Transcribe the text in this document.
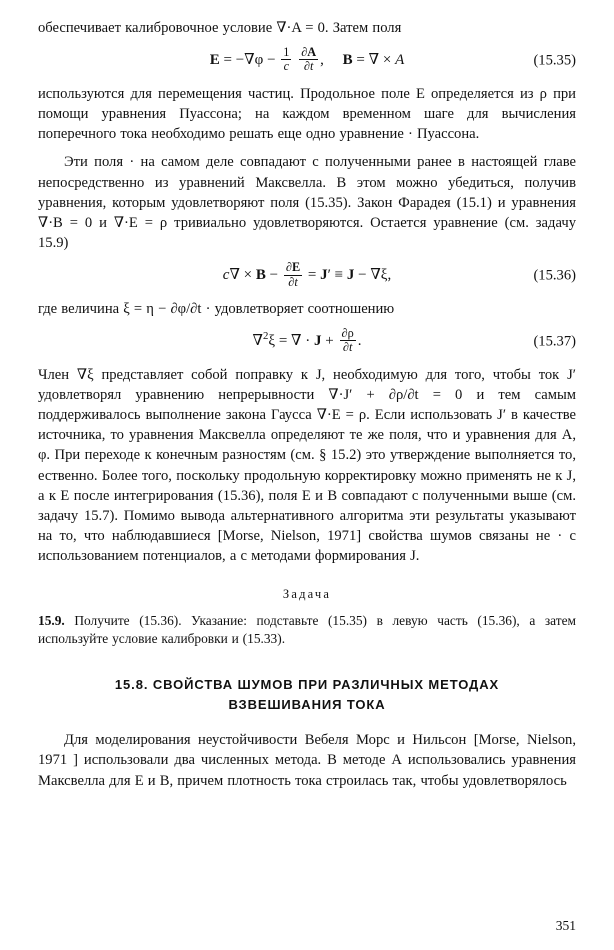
обеспечивает калибровочное условие ∇·A = 0. Затем поля

$E = -\nabla\varphi - \frac{1}{c}$
$\frac{\partial A}{\partial t}$ ,     B = ∇ × A	(15.35)

используются для перемещения частиц. Продольное поле E определяется из ρ при помощи уравнения Пуассона; на каждом временном шаге для вычисления поперечного тока необходимо решать еще одно уравнение · Пуассона.

Эти поля · на самом деле совпадают с полученными ранее в настоящей главе непосредственно из уравнений Максвелла. В этом можно убедиться, получив уравнения, которым удовлетворяют поля (15.35). Закон Фарадея (15.1) и уравнения ∇·B = 0 и ∇·E = ρ тривиально удовлетворяются. Остается уравнение (см. задачу 15.9)

$c\nabla \times B - \frac{\partial E}{\partial t} = J' \equiv J - \nabla\xi$,	(15.36)

где величина ξ = η − ∂φ/∂t · удовлетворяет соотношению

∇$^2$ξ = ∇ · $J + \frac{\partial\rho}{\partial t}$ .	(15.37)

Член ∇ξ представляет собой поправку к J, необходимую для того, чтобы ток J′ удовлетворял уравнению непрерывности ∇·J′ + ∂ρ/∂t = 0 и тем самым поддерживалось выполнение закона Гаусса ∇·E = ρ. Если использовать J′ в качестве источника, то уравнения Максвелла определяют те же поля, что и уравнения для A, φ. При переходе к конечным разностям (см. § 15.2) это утверждение выполняется то, ественно. Более того, поскольку продольную корректировку можно применять не к J, а к E после интегрирования (15.36), поля E и B совпадают с полученными выше (см. задачу 15.7). Помимо вывода альтернативного алгоритма эти результаты указывают на то, что наблюдавшиеся [Morse, Nielson, 1971] свойства шумов связаны не · с использованием потенциалов, а с методами формирования J.

Задача

15.9. Получите (15.36). Указание: подставьте (15.35) в левую часть (15.36), а затем используйте условие калибровки и (15.33).

15.8. СВОЙСТВА ШУМОВ ПРИ РАЗЛИЧНЫХ МЕТОДАХ
ВЗВЕШИВАНИЯ ТОКА

Для моделирования неустойчивости Вебеля Морс и Нильсон [Morse, Nielson, 1971 ] использовали два численных метода. В методе А использовались уравнения Максвелла для E и B, причем плотность тока строилась так, чтобы удовлетворялось

351
